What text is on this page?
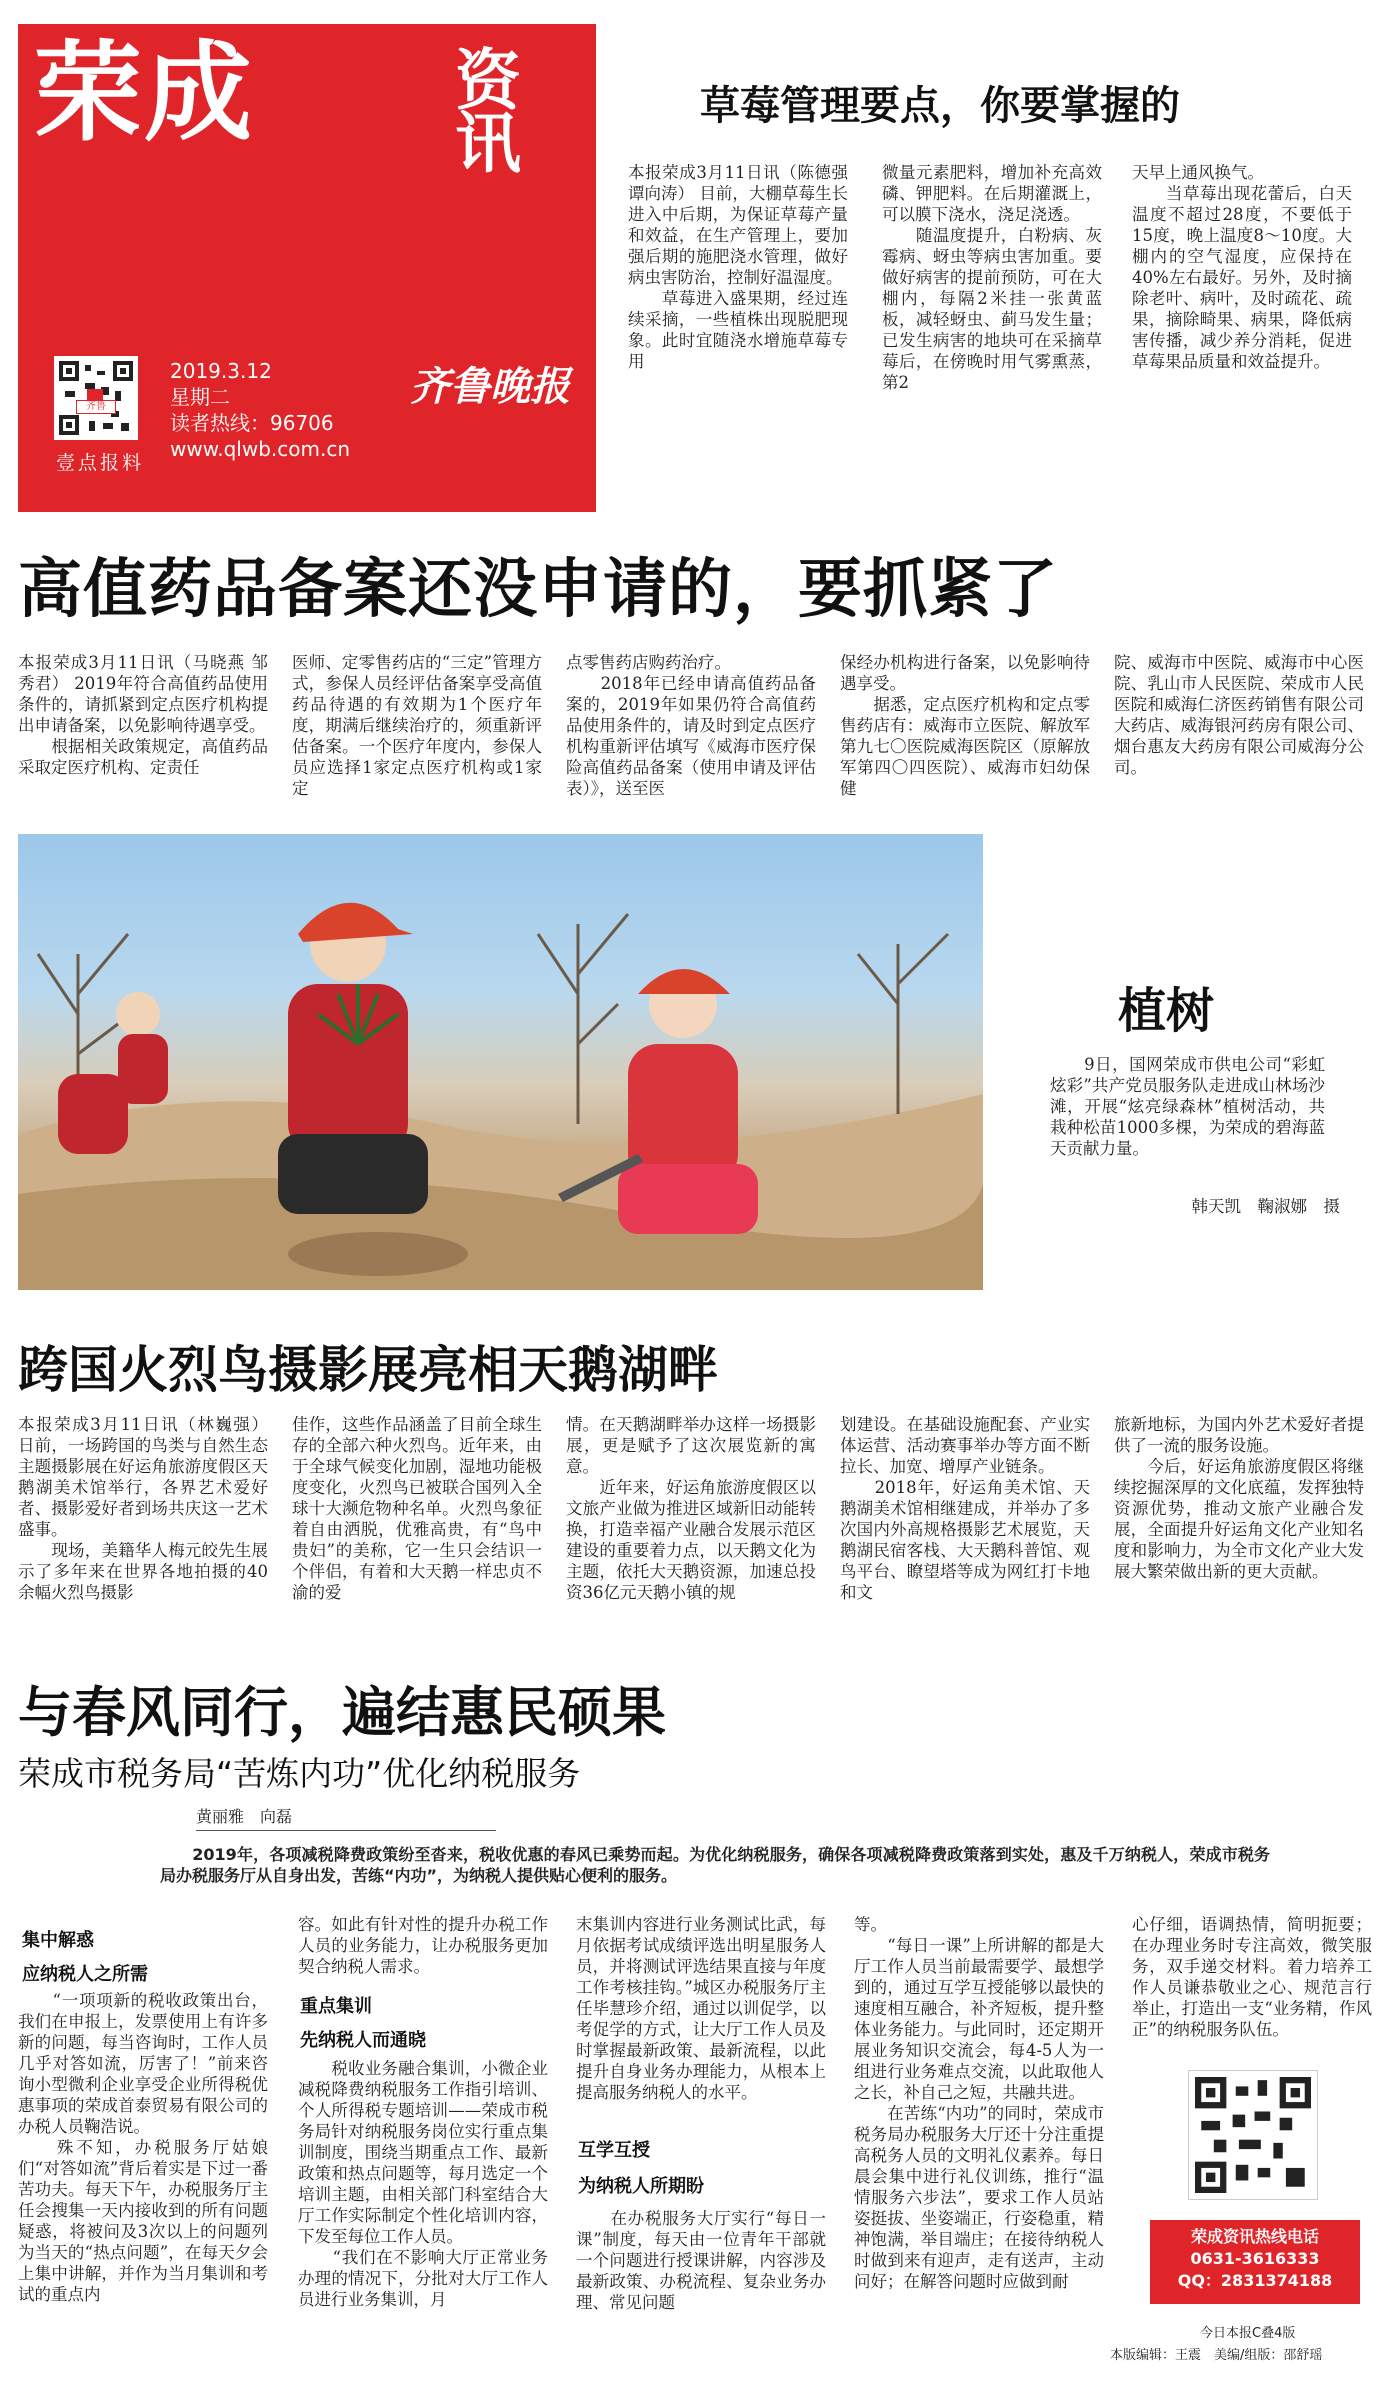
荣成	资讯
齐鲁
壹点报料
2019.3.12
星期二
读者热线：96706
www.qlwb.com.cn
齐鲁晚报
草莓管理要点，你要掌握的
本报荣成3月11日讯（陈德强 谭向涛） 目前，大棚草莓生长进入中后期，为保证草莓产量和效益，在生产管理上，要加强后期的施肥浇水管理，做好病虫害防治，控制好温湿度。
　　草莓进入盛果期，经过连续采摘，一些植株出现脱肥现象。此时宜随浇水增施草莓专用
微量元素肥料，增加补充高效磷、钾肥料。在后期灌溉上，可以膜下浇水，浇足浇透。
　　随温度提升，白粉病、灰霉病、蚜虫等病虫害加重。要做好病害的提前预防，可在大棚内，每隔2米挂一张黄蓝板，减轻蚜虫、蓟马发生量；已发生病害的地块可在采摘草莓后，在傍晚时用气雾熏蒸，第2
天早上通风换气。
　　当草莓出现花蕾后，白天温度不超过28度，不要低于15度，晚上温度8～10度。大棚内的空气湿度，应保持在40%左右最好。另外，及时摘除老叶、病叶，及时疏花、疏果，摘除畸果、病果，降低病害传播，减少养分消耗，促进草莓果品质量和效益提升。
高值药品备案还没申请的，要抓紧了
本报荣成3月11日讯（马晓燕 邹秀君） 2019年符合高值药品使用条件的，请抓紧到定点医疗机构提出申请备案，以免影响待遇享受。
　　根据相关政策规定，高值药品采取定医疗机构、定责任
医师、定零售药店的“三定”管理方式，参保人员经评估备案享受高值药品待遇的有效期为1个医疗年度，期满后继续治疗的，须重新评估备案。一个医疗年度内，参保人员应选择1家定点医疗机构或1家定
点零售药店购药治疗。
　　2018年已经申请高值药品备案的，2019年如果仍符合高值药品使用条件的，请及时到定点医疗机构重新评估填写《威海市医疗保险高值药品备案（使用申请及评估表）》，送至医
保经办机构进行备案，以免影响待遇享受。
　　据悉，定点医疗机构和定点零售药店有：威海市立医院、解放军第九七〇医院威海医院区（原解放军第四〇四医院）、威海市妇幼保健
院、威海市中医院、威海市中心医院、乳山市人民医院、荣成市人民医院和威海仁济医药销售有限公司大药店、威海银河药房有限公司、烟台惠友大药房有限公司威海分公司。
植树
　　9日，国网荣成市供电公司“彩虹炫彩”共产党员服务队走进成山林场沙滩，开展“炫亮绿森林”植树活动，共栽种松苗1000多棵，为荣成的碧海蓝天贡献力量。
韩天凯　鞠淑娜　摄
跨国火烈鸟摄影展亮相天鹅湖畔
本报荣成3月11日讯（林巍强） 日前，一场跨国的鸟类与自然生态主题摄影展在好运角旅游度假区天鹅湖美术馆举行，各界艺术爱好者、摄影爱好者到场共庆这一艺术盛事。
　　现场，美籍华人梅元皎先生展示了多年来在世界各地拍摄的40余幅火烈鸟摄影
佳作，这些作品涵盖了目前全球生存的全部六种火烈鸟。近年来，由于全球气候变化加剧，湿地功能极度变化，火烈鸟已被联合国列入全球十大濒危物种名单。火烈鸟象征着自由洒脱，优雅高贵，有“鸟中贵妇”的美称，它一生只会结识一个伴侣，有着和大天鹅一样忠贞不渝的爱
情。在天鹅湖畔举办这样一场摄影展，更是赋予了这次展览新的寓意。
　　近年来，好运角旅游度假区以文旅产业做为推进区域新旧动能转换，打造幸福产业融合发展示范区建设的重要着力点，以天鹅文化为主题，依托大天鹅资源，加速总投资36亿元天鹅小镇的规
划建设。在基础设施配套、产业实体运营、活动赛事举办等方面不断拉长、加宽、增厚产业链条。
　　2018年，好运角美术馆、天鹅湖美术馆相继建成，并举办了多次国内外高规格摄影艺术展览，天鹅湖民宿客栈、大天鹅科普馆、观鸟平台、瞭望塔等成为网红打卡地和文
旅新地标，为国内外艺术爱好者提供了一流的服务设施。
　　今后，好运角旅游度假区将继续挖掘深厚的文化底蕴，发挥独特资源优势，推动文旅产业融合发展，全面提升好运角文化产业知名度和影响力，为全市文化产业大发展大繁荣做出新的更大贡献。
与春风同行，遍结惠民硕果
荣成市税务局“苦炼内功”优化纳税服务
黄丽雅　向磊
　　2019年，各项减税降费政策纷至沓来，税收优惠的春风已乘势而起。为优化纳税服务，确保各项减税降费政策落到实处，惠及千万纳税人，荣成市税务局办税服务厅从自身出发，苦练“内功”，为纳税人提供贴心便利的服务。
集中解惑
应纳税人之所需
　　“一项项新的税收政策出台，我们在申报上，发票使用上有许多新的问题，每当咨询时，工作人员几乎对答如流，厉害了！”前来咨询小型微利企业享受企业所得税优惠事项的荣成首泰贸易有限公司的办税人员鞠浩说。
　　殊不知，办税服务厅姑娘们“对答如流”背后着实是下过一番苦功夫。每天下午，办税服务厅主任会搜集一天内接收到的所有问题疑惑，将被问及3次以上的问题列为当天的“热点问题”，在每天夕会上集中讲解，并作为当月集训和考试的重点内
容。如此有针对性的提升办税工作人员的业务能力，让办税服务更加契合纳税人需求。
重点集训
先纳税人而通晓
　　税收业务融合集训，小微企业减税降费纳税服务工作指引培训、个人所得税专题培训——荣成市税务局针对纳税服务岗位实行重点集训制度，围绕当期重点工作、最新政策和热点问题等，每月选定一个培训主题，由相关部门科室结合大厅工作实际制定个性化培训内容，下发至每位工作人员。
　　“我们在不影响大厅正常业务办理的情况下，分批对大厅工作人员进行业务集训，月
末集训内容进行业务测试比武，每月依据考试成绩评选出明星服务人员，并将测试评选结果直接与年度工作考核挂钩。”城区办税服务厅主任毕慧珍介绍，通过以训促学，以考促学的方式，让大厅工作人员及时掌握最新政策、最新流程，以此提升自身业务办理能力，从根本上提高服务纳税人的水平。
互学互授
为纳税人所期盼
　　在办税服务大厅实行“每日一课”制度，每天由一位青年干部就一个问题进行授课讲解，内容涉及最新政策、办税流程、复杂业务办理、常见问题
等。
　　“每日一课”上所讲解的都是大厅工作人员当前最需要学、最想学到的，通过互学互授能够以最快的速度相互融合，补齐短板，提升整体业务能力。与此同时，还定期开展业务知识交流会，每4-5人为一组进行业务难点交流，以此取他人之长，补自己之短，共融共进。
　　在苦练“内功”的同时，荣成市税务局办税服务大厅还十分注重提高税务人员的文明礼仪素养。每日晨会集中进行礼仪训练，推行“温情服务六步法”，要求工作人员站姿挺拔、坐姿端正，行姿稳重，精神饱满，举目端庄；在接待纳税人时做到来有迎声，走有送声，主动问好；在解答问题时应做到耐
心仔细，语调热情，简明扼要；在办理业务时专注高效，微笑服务，双手递交材料。着力培养工作人员谦恭敬业之心、规范言行举止，打造出一支“业务精，作风正”的纳税服务队伍。
荣成资讯热线电话
0631-3616333
QQ：2831374188
今日本报C叠4版
本版编辑：王震　美编/组版：邵舒瑶
